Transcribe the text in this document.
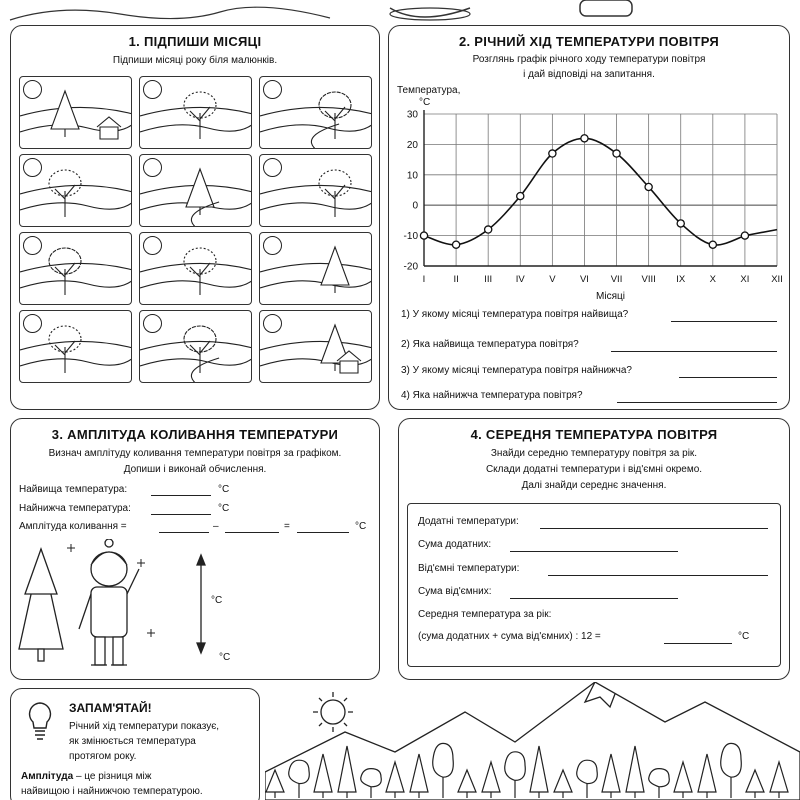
1. ПІДПИШИ МІСЯЦІ
Підпиши місяці року біля малюнків.
2. РІЧНИЙ ХІД ТЕМПЕРАТУРИ ПОВІТРЯ
Розглянь графік річного ходу температури повітря
і дай відповіді на запитання.
Температура,
°C
30
20
10
0
-10
-20
I	II	III IV	V	VI VII VIII IX	X	XI XII
Місяці
1) У якому місяці температура повітря найвища?
2) Яка найвища температура повітря?
3) У якому місяці температура повітря найнижча?
4) Яка найнижча температура повітря?
3. АМПЛІТУДА КОЛИВАННЯ ТЕМПЕРАТУРИ
Визнач амплітуду коливання температури повітря за графіком.
Допиши і виконай обчислення.
Найвища температура:	°C
Найнижча температура:	°C
Амплітуда коливання =	–	=	°C
°C
°C
4. СЕРЕДНЯ ТЕМПЕРАТУРА ПОВІТРЯ
Знайди середню температуру повітря за рік.
Склади додатні температури і від'ємні окремо.
Далі знайди середнє значення.
Додатні температури:
Сума додатних:
Від'ємні температури:
Сума від'ємних:
Середня температура за рік:
(сума додатних + сума від'ємних) : 12 =	°C
ЗАПАМ'ЯТАЙ!
Річний хід температури показує,
як змінюється температура
протягом року.
Амплітуда – це різниця між
найвищою і найнижчою температурою.
